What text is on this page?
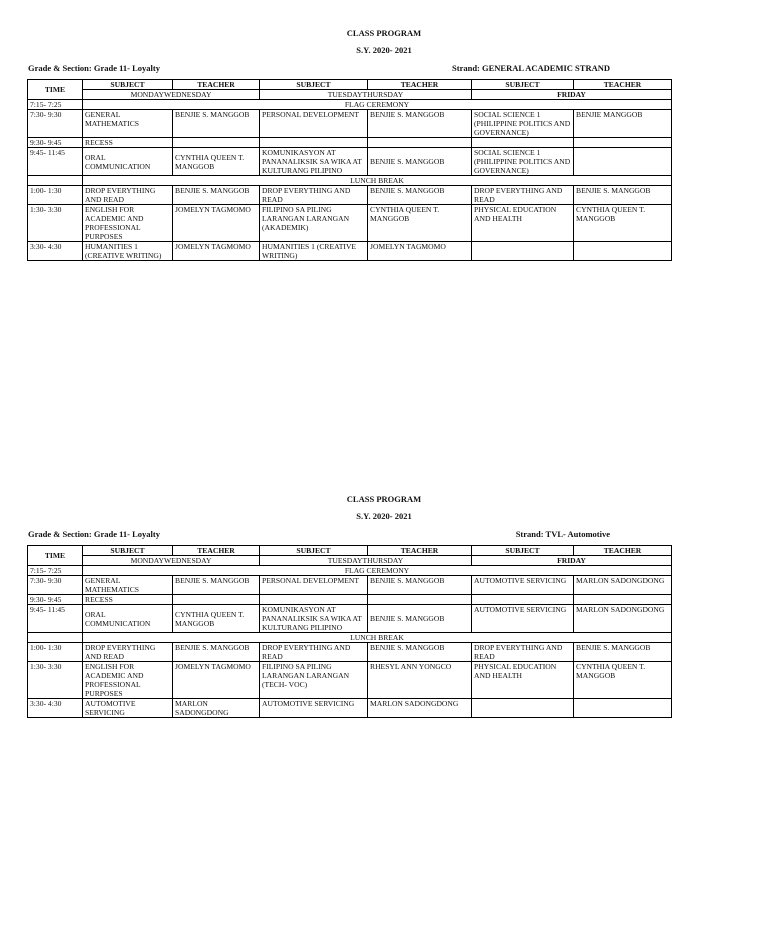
CLASS PROGRAM
S.Y. 2020- 2021
Grade & Section: Grade 11- Loyalty	Strand: GENERAL ACADEMIC STRAND
TIME	SUBJECT	TEACHER	SUBJECT	TEACHER	SUBJECT	TEACHER
	MONDAYWEDNESDAY		TUESDAYTHURSDAY		FRIDAY	
7:15- 7:25	FLAG CEREMONY					
7:30- 9:30	GENERAL MATHEMATICS	BENJIE S. MANGGOB	PERSONAL DEVELOPMENT	BENJIE S. MANGGOB	SOCIAL SCIENCE 1 (PHILIPPINE POLITICS AND GOVERNANCE)	BENJIE MANGGOB
9:30- 9:45	RECESS					
9:45- 11:45	ORAL COMMUNICATION	CYNTHIA QUEEN T. MANGGOB	KOMUNIKASYON AT PANANALIKSIK SA WIKA AT KULTURANG PILIPINO	BENJIE S. MANGGOB	SOCIAL SCIENCE 1 (PHILIPPINE POLITICS AND GOVERNANCE)	
	LUNCH BREAK					
1:00- 1:30	DROP EVERYTHING AND READ	BENJIE S. MANGGOB	DROP EVERYTHING AND READ	BENJIE S. MANGGOB	DROP EVERYTHING AND READ	BENJIE S. MANGGOB
1:30- 3:30	ENGLISH FOR ACADEMIC AND PROFESSIONAL PURPOSES	JOMELYN TAGMOMO	FILIPINO SA PILING LARANGAN LARANGAN (AKADEMIK)	CYNTHIA QUEEN T. MANGGOB	PHYSICAL EDUCATION AND HEALTH	CYNTHIA QUEEN T. MANGGOB
3:30- 4:30	HUMANITIES 1 (CREATIVE WRITING)	JOMELYN TAGMOMO	HUMANITIES 1 (CREATIVE WRITING)	JOMELYN TAGMOMO		
CLASS PROGRAM
S.Y. 2020- 2021
Grade & Section: Grade 11- Loyalty	Strand: TVL- Automotive
TIME	SUBJECT	TEACHER	SUBJECT	TEACHER	SUBJECT	TEACHER
	MONDAYWEDNESDAY		TUESDAYTHURSDAY		FRIDAY	
7:15- 7:25	FLAG CEREMONY					
7:30- 9:30	GENERAL MATHEMATICS	BENJIE S. MANGGOB	PERSONAL DEVELOPMENT	BENJIE S. MANGGOB	AUTOMOTIVE SERVICING	MARLON SADONGDONG
9:30- 9:45	RECESS					
9:45- 11:45	ORAL COMMUNICATION	CYNTHIA QUEEN T. MANGGOB	KOMUNIKASYON AT PANANALIKSIK SA WIKA AT KULTURANG PILIPINO	BENJIE S. MANGGOB	AUTOMOTIVE SERVICING	MARLON SADONGDONG
	LUNCH BREAK					
1:00- 1:30	DROP EVERYTHING AND READ	BENJIE S. MANGGOB	DROP EVERYTHING AND READ	BENJIE S. MANGGOB	DROP EVERYTHING AND READ	BENJIE S. MANGGOB
1:30- 3:30	ENGLISH FOR ACADEMIC AND PROFESSIONAL PURPOSES	JOMELYN TAGMOMO	FILIPINO SA PILING LARANGAN LARANGAN (TECH- VOC)	RHESYL ANN YONGCO	PHYSICAL EDUCATION AND HEALTH	CYNTHIA QUEEN T. MANGGOB
3:30- 4:30	AUTOMOTIVE SERVICING	MARLON SADONGDONG	AUTOMOTIVE SERVICING	MARLON SADONGDONG		
